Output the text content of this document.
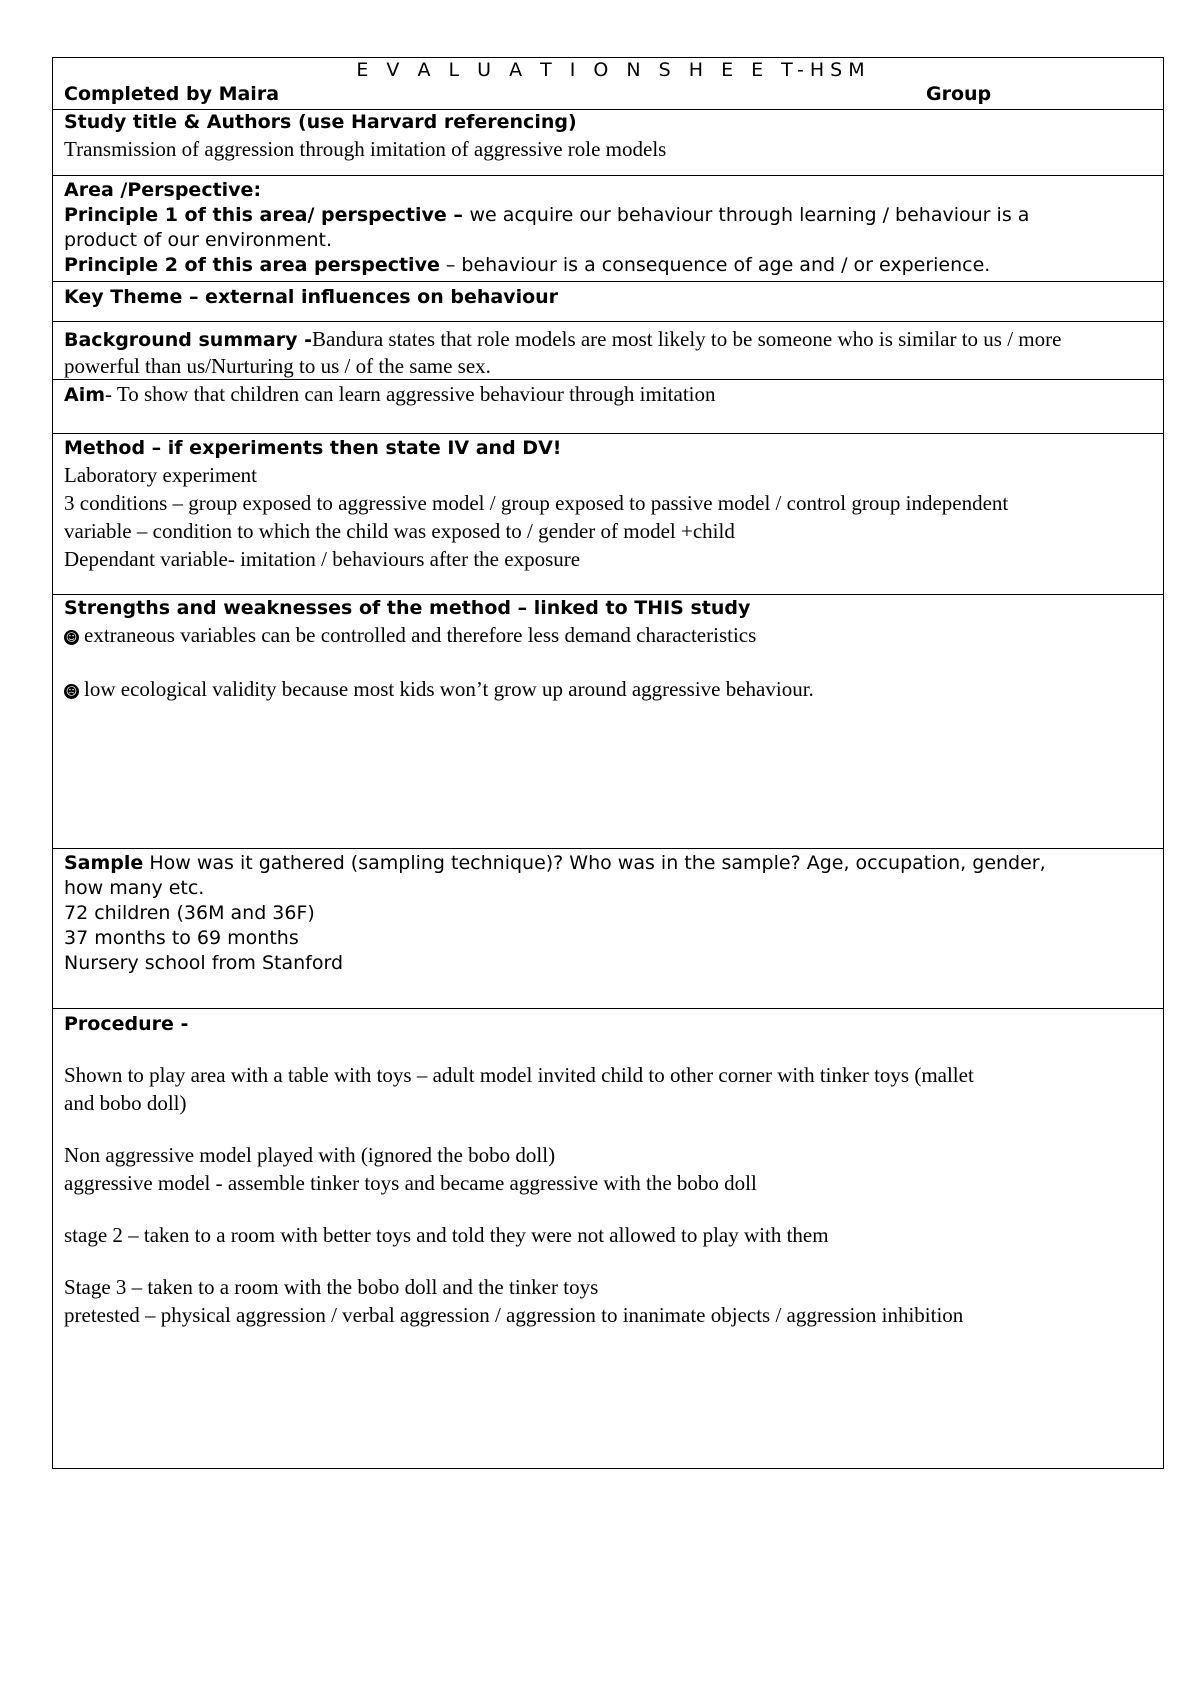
E V A L U A T I O N S H E E T-HSM
Completed by Maira	Group
Study title & Authors (use Harvard referencing)
Transmission of aggression through imitation of aggressive role models
Area /Perspective:
Principle 1 of this area/ perspective – we acquire our behaviour through learning / behaviour is a
product of our environment.
Principle 2 of this area perspective – behaviour is a consequence of age and / or experience.
Key Theme – external influences on behaviour
Background summary -Bandura states that role models are most likely to be someone who is similar to us / more
powerful than us/Nurturing to us / of the same sex.
Aim- To show that children can learn aggressive behaviour through imitation
Method – if experiments then state IV and DV!
Laboratory experiment
3 conditions – group exposed to aggressive model / group exposed to passive model / control group independent
variable – condition to which the child was exposed to / gender of model +child
Dependant variable- imitation / behaviours after the exposure
Strengths and weaknesses of the method – linked to THIS study
☺ extraneous variables can be controlled and therefore less demand characteristics
☹ low ecological validity because most kids won’t grow up around aggressive behaviour.
Sample How was it gathered (sampling technique)? Who was in the sample? Age, occupation, gender,
how many etc.
72 children (36M and 36F)
37 months to 69 months
Nursery school from Stanford
Procedure -
Shown to play area with a table with toys – adult model invited child to other corner with tinker toys (mallet
and bobo doll)
Non aggressive model played with (ignored the bobo doll)
aggressive model - assemble tinker toys and became aggressive with the bobo doll
stage 2 – taken to a room with better toys and told they were not allowed to play with them
Stage 3 – taken to a room with the bobo doll and the tinker toys
pretested – physical aggression / verbal aggression / aggression to inanimate objects / aggression inhibition
